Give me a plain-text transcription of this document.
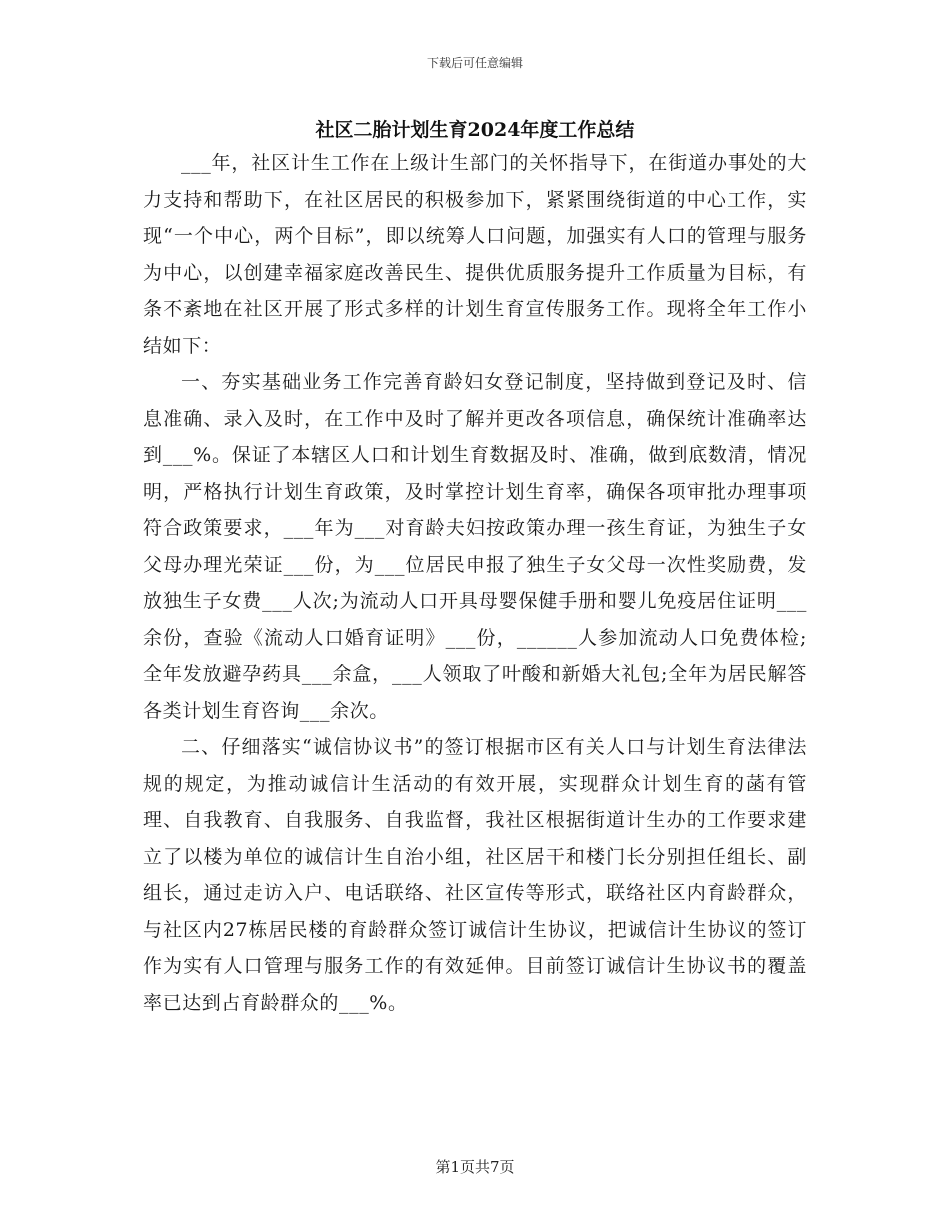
下载后可任意编辑
社区二胎计划生育2024年度工作总结

___年，社区计生工作在上级计生部门的关怀指导下，在街道办事处的大力支持和帮助下，在社区居民的积极参加下，紧紧围绕街道的中心工作，实现“一个中心，两个目标”，即以统筹人口问题，加强实有人口的管理与服务为中心，以创建幸福家庭改善民生、提供优质服务提升工作质量为目标，有条不紊地在社区开展了形式多样的计划生育宣传服务工作。现将全年工作小结如下：

一、夯实基础业务工作完善育龄妇女登记制度，坚持做到登记及时、信息准确、录入及时，在工作中及时了解并更改各项信息，确保统计准确率达到___%。保证了本辖区人口和计划生育数据及时、准确，做到底数清，情况明，严格执行计划生育政策，及时掌控计划生育率，确保各项审批办理事项符合政策要求，___年为___对育龄夫妇按政策办理一孩生育证，为独生子女父母办理光荣证___份，为___位居民申报了独生子女父母一次性奖励费，发放独生子女费___人次;为流动人口开具母婴保健手册和婴儿免疫居住证明___余份，查验《流动人口婚育证明》___份，______人参加流动人口免费体检;全年发放避孕药具___余盒，___人领取了叶酸和新婚大礼包;全年为居民解答各类计划生育咨询___余次。

二、仔细落实“诚信协议书”的签订根据市区有关人口与计划生育法律法规的规定，为推动诚信计生活动的有效开展，实现群众计划生育的菡有管理、自我教育、自我服务、自我监督，我社区根据街道计生办的工作要求建立了以楼为单位的诚信计生自治小组，社区居干和楼门长分别担任组长、副组长，通过走访入户、电话联络、社区宣传等形式，联络社区内育龄群众，与社区内27栋居民楼的育龄群众签订诚信计生协议，把诚信计生协议的签订作为实有人口管理与服务工作的有效延伸。目前签订诚信计生协议书的覆盖率已达到占育龄群众的___%。

第1页共7页
